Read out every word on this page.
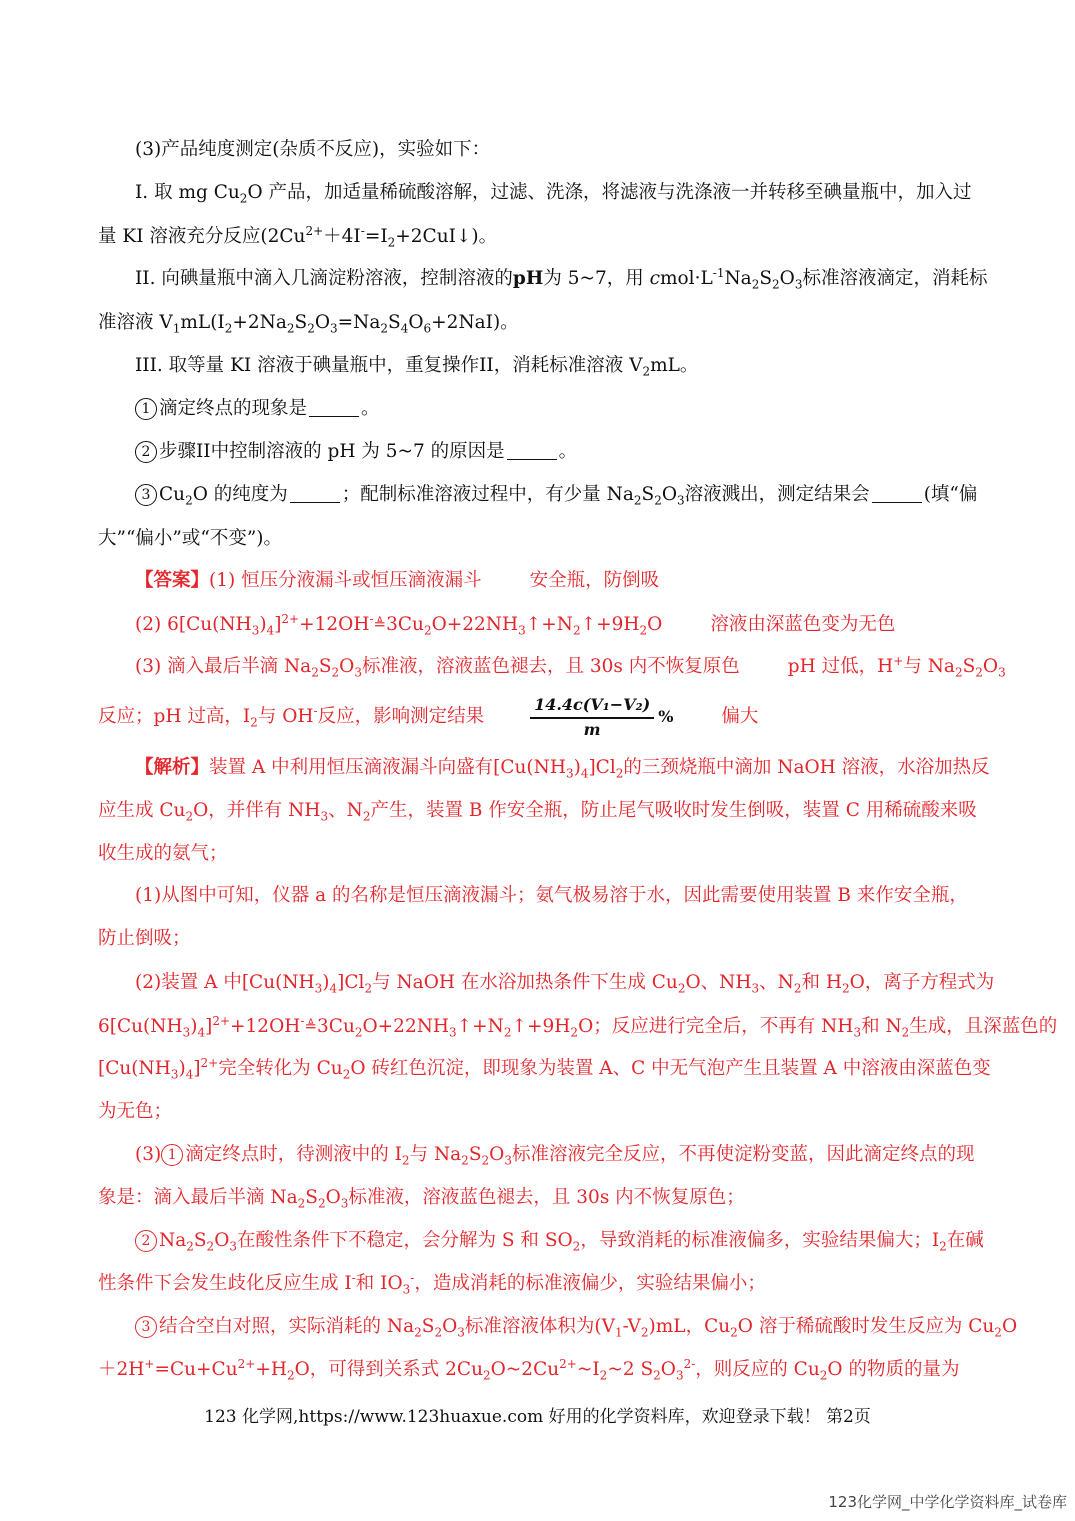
(3)产品纯度测定(杂质不反应)，实验如下：
I. 取 mg $Cu_2O$ 产品，加适量稀硫酸溶解，过滤、洗涤，将滤液与洗涤液一并转移至碘量瓶中，加入过
量 KI 溶液充分反应$(2Cu^{2+}+4I^-=I_2+2CuI↓)$。
II. 向碘量瓶中滴入几滴淀粉溶液，控制溶液的pH为 5~7，用 $cmol\cdot L^{-1}Na_2S_2O_3$标准溶液滴定，消耗标
准溶液 $V_1mL(I_2+2Na_2S_2O_3=Na_2S_4O_6+2NaI)$。
III. 取等量 KI 溶液于碘量瓶中，重复操作II，消耗标准溶液 $V_2mL$。
1 滴定终点的现象是	。
2 步骤II中控制溶液的 pH 为 5~7 的原因是	。
3 $Cu_2O$ 的纯度为	；配制标准溶液过程中，有少量 $Na_2S_2O_3$溶液溅出，测定结果会	(填“偏
大”“偏小”或“不变”)。
【答案】(1) 恒压分液漏斗或恒压滴液漏斗	安全瓶，防倒吸
(2) $6[Cu(NH_3)_4]^{2+}+12OH^-≜3Cu_2O+22NH_3↑+N_2↑+9H_2O$	溶液由深蓝色变为无色
(3) 滴入最后半滴 $Na_2S_2O_3$标准液，溶液蓝色褪去，且 30s 内不恢复原色	pH 过低，H+与 $Na_2S_2O_3$
反应；pH 过高，$I_2$与 OH-反应，影响测定结果	$\frac{\text{14.4c(V₁−V₂)}}{m}$ %	偏大
【解析】装置 A 中利用恒压滴液漏斗向盛有$[Cu(NH_3)_4]Cl_2$的三颈烧瓶中滴加 NaOH 溶液，水浴加热反
应生成 $Cu_2O$，并伴有 $NH_3$、$N_2$产生，装置 B 作安全瓶，防止尾气吸收时发生倒吸，装置 C 用稀硫酸来吸
收生成的氨气；
(1)从图中可知，仪器 a 的名称是恒压滴液漏斗；氨气极易溶于水，因此需要使用装置 B 来作安全瓶，
防止倒吸；
(2)装置 A 中$[Cu(NH_3)_4]Cl_2$与 NaOH 在水浴加热条件下生成 $Cu_2O$、$NH_3$、$N_2$和 $H_2O$，离子方程式为
$6[Cu(NH_3)_4]^{2+}+12OH^-≜3Cu_2O+22NH_3↑+N_2↑+9H_2O$；反应进行完全后，不再有 $NH_3$和 $N_2$生成，且深蓝色的
$[Cu(NH_3)_4]^{2+}$完全转化为 $Cu_2O$ 砖红色沉淀，即现象为装置 A、C 中无气泡产生且装置 A 中溶液由深蓝色变
为无色；
(3) 1 滴定终点时，待测液中的 $I_2$与 $Na_2S_2O_3$标准溶液完全反应，不再使淀粉变蓝，因此滴定终点的现
象是：滴入最后半滴 $Na_2S_2O_3$标准液，溶液蓝色褪去，且 30s 内不恢复原色；
2 $Na_2S_2O_3$在酸性条件下不稳定，会分解为 S 和 $SO_2$，导致消耗的标准液偏多，实验结果偏大；$I_2$在碱
性条件下会发生歧化反应生成 I-和 $IO_3^-$，造成消耗的标准液偏少，实验结果偏小；
3 结合空白对照，实际消耗的 $Na_2S_2O_3$标准溶液体积为$(V_1-V_2)mL$，$Cu_2O$ 溶于稀硫酸时发生反应为 $Cu_2O$
$+2H^+=Cu+Cu^{2+}+H_2O$，可得到关系式 $2Cu_2O\sim 2Cu^{2+}\sim I_2\sim 2$ $S_2O_3^{2-}$，则反应的 $Cu_2O$ 的物质的量为
123 化学网,https://www.123huaxue.com 好用的化学资料库，欢迎登录下载！ 第2页
123化学网_中学化学资料库_试卷库
